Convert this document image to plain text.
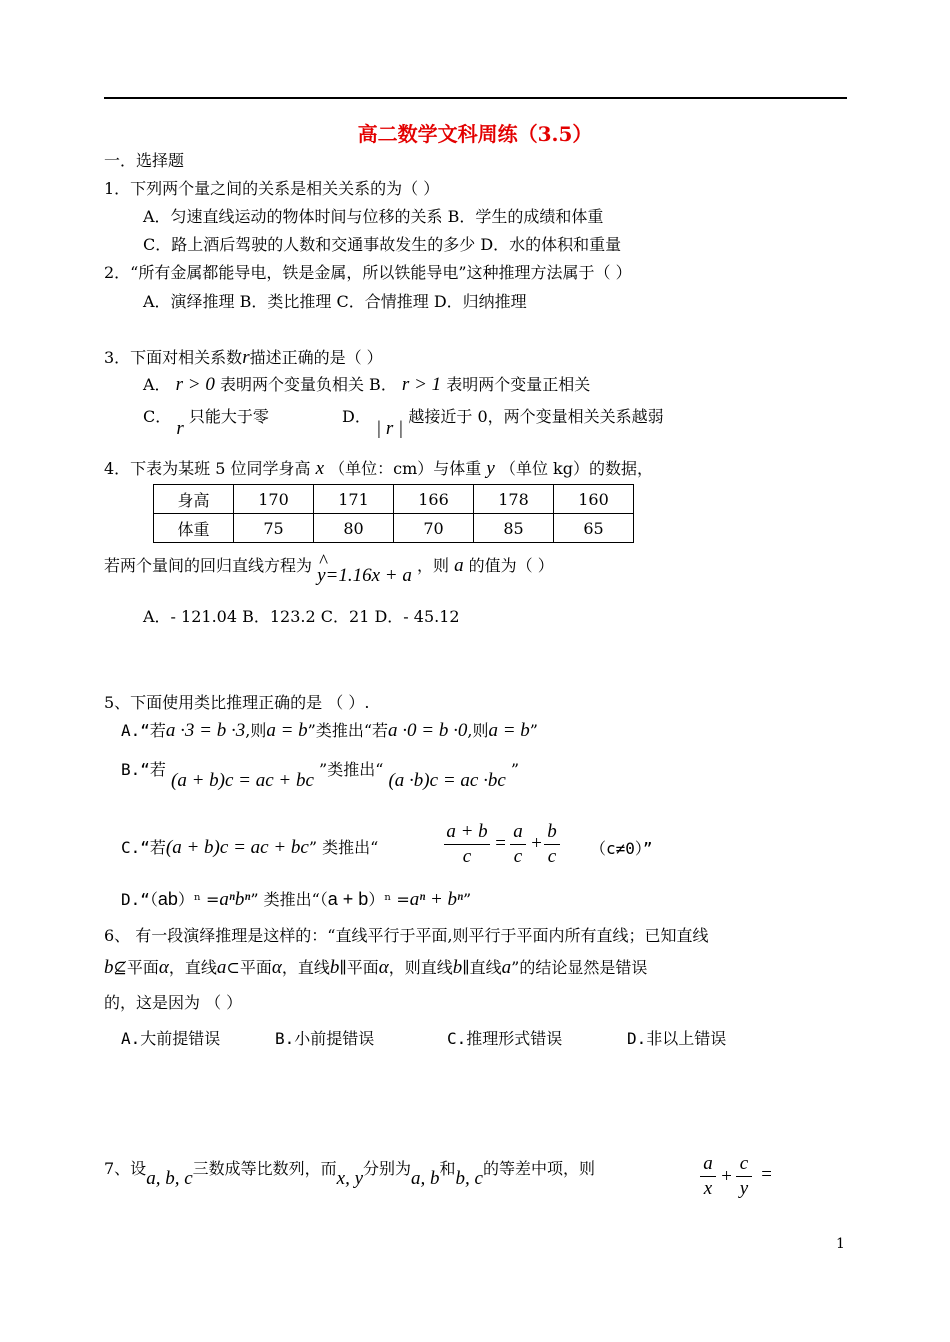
高二数学文科周练（3.5）
一．选择题
1．下列两个量之间的关系是相关关系的为（ ）
A．匀速直线运动的物体时间与位移的关系 B．学生的成绩和体重
C．路上酒后驾驶的人数和交通事故发生的多少 D．水的体积和重量
2．“所有金属都能导电，铁是金属，所以铁能导电”这种推理方法属于（ ）
A．演绎推理 B．类比推理 C．合情推理 D．归纳推理
3．下面对相关系数r描述正确的是（ ）
A． r > 0 表明两个变量负相关 B． r > 1 表明两个变量正相关
C． r 只能大于零	D． | r | 越接近于 0，两个变量相关关系越弱
4．下表为某班 5 位同学身高 x （单位：cm）与体重 y （单位 kg）的数据，
身高	170	171	166	178	160
体重	75	80	70	85	65
若两个量间的回归直线方程为 ^
y=1.16x + a ，则 a 的值为（ ）
A．- 121.04 B．123.2 C．21 D．- 45.12
5、下面使用类比推理正确的是 （ ）.
A.“若a ·3 = b ·3,则a = b”类推出“若a ·0 = b ·0,则a = b”
B.“若 (a + b)c = ac + bc ”类推出“ (a ·b)c = ac ·bc ”
C.“若(a + b)c = ac + bc” 类推出“	$\frac{a + b}{c} = \frac{a}{c} + \frac{b}{c} (c\ne 0)$”
D.“（ab）ⁿ =aⁿbⁿ” 类推出“（a + b）ⁿ =aⁿ + bⁿ”
6、 有一段演绎推理是这样的：“直线平行于平面,则平行于平面内所有直线；已知直线
b⊈平面α，直线a⊂平面α，直线b∥平面α，则直线b∥直线a”的结论显然是错误
的，这是因为 （ ）
A.大前提错误	B.小前提错误	C.推理形式错误	D.非以上错误
7、设a, b, c三数成等比数列，而x, y分别为a, b和b, c的等差中项，则	$\frac{a}{x} + \frac{c}{y}$ =
1
